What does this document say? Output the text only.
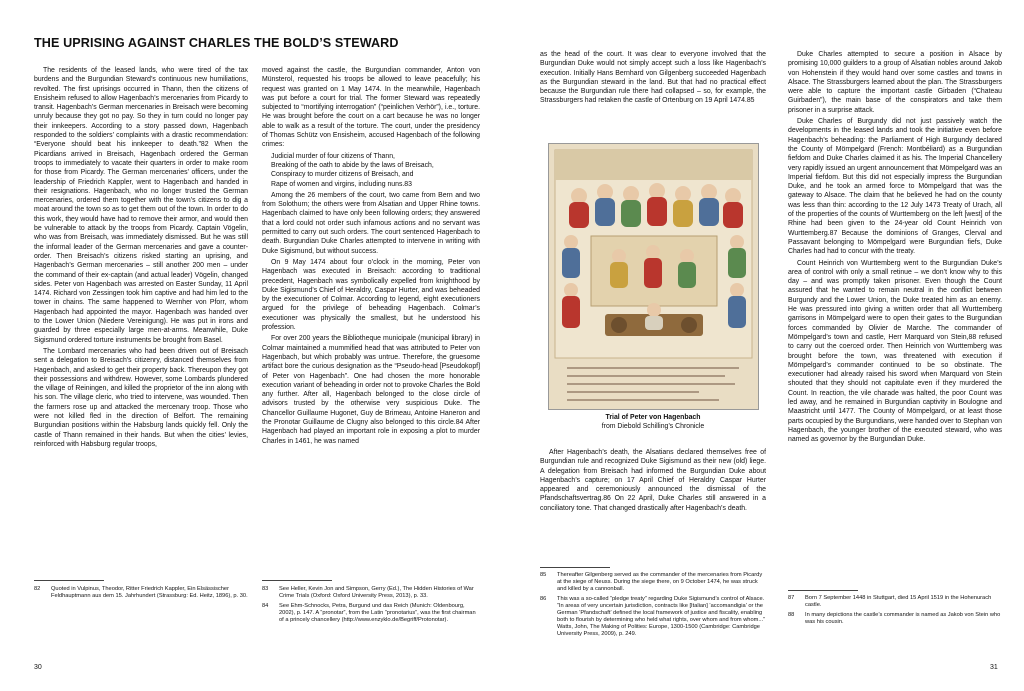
THE UPRISING AGAINST CHARLES THE BOLD’S STEWARD

The residents of the leased lands, who were tired of the tax burdens and the Burgundian Steward’s continuous new humiliations, revolted. The first uprisings occurred in Thann, then the citizens of Ensisheim refused to allow Hagenbach’s mercenaries from Picardy to transit. Hagenbach’s German mercenaries in Breisach were becoming unruly because they got no pay. So they in turn could no longer pay their innkeepers. According to a story passed down, Hagenbach responded to the soldiers’ complaints with a drastic recommendation: “Everyone should beat his innkeeper to death.”82 When the Picardians arrived in Breisach, Hagenbach ordered the German troops to immediately to vacate their quarters in order to make room for those from Picardy. The German mercenaries’ officers, under the leadership of Friedrich Kappler, went to Hagenbach and handed in their resignations. Hagenbach, who no longer trusted the German mercenaries, ordered them together with the town’s citizens to dig a moat around the town so as to get them out of the town. In order to do this work, they would have had to remove their armor, and would then be vulnerable to attack by the troops from Picardy. Captain Vögelin, who was from Breisach, was immediately dismissed. But he was still the informal leader of the German mercenaries and gave a counter-order. Then Breisach’s citizens risked starting an uprising, and Hagenbach’s German mercenaries – still another 200 men – under the command of their ex-captain (and actual leader) Vögelin, changed sides. Peter von Hagenbach was arrested on Easter Sunday, 11 April 1474. Richard von Zessingen took him captive and had him led to the tower in chains. The same happened to Wernher von Pforr, whom Hagenbach had appointed the mayor. Hagenbach was handed over to the Lower Union (Niedere Vereinigung). He was put in irons and guarded by three especially large men-at-arms. Meanwhile, Duke Sigismund ordered torture instruments be brought from Basel.

The Lombard mercenaries who had been driven out of Breisach sent a delegation to Breisach’s citizenry, distanced themselves from Hagenbach, and asked to get their property back. Thereupon they got their possessions and withdrew. However, some Lombards plundered the village of Reiningen, and killed the proprietor of the inn along with his son. The village cleric, who tried to intervene, was wounded. Then the farmers rose up and attacked the mercenary troop. Those who were not killed fled in the direction of Belfort. The remaining Burgundian positions within the Habsburg lands quickly fell. Only the castle of Thann remained in their hands. But when the cities’ levies, reinforced with Habsburg regular troops,

moved against the castle, the Burgundian commander, Anton von Münsterol, requested his troops be allowed to leave peacefully; his request was granted on 1 May 1474. In the meanwhile, Hagenbach was put before a court for trial. The former Steward was repeatedly subjected to “mortifying interrogation” (“peinlichen Verhör”), i.e., torture. He was brought before the court on a cart because he was no longer able to walk as a result of the torture. The court, under the presidency of Thomas Schütz von Ensisheim, accused Hagenbach of the following crimes:

Judicial murder of four citizens of Thann,
Breaking of the oath to abide by the laws of Breisach,
Conspiracy to murder citizens of Breisach, and
Rape of women and virgins, including nuns.83

Among the 26 members of the court, two came from Bern and two from Solothurn; the others were from Alsatian and Upper Rhine towns. Hagenbach claimed to have only been following orders; they answered that a lord could not order such infamous actions and no servant was permitted to carry out such orders. The court sentenced Hagenbach to death. Burgundian Duke Charles attempted to intervene in writing with Duke Sigismund, but without success.

On 9 May 1474 about four o’clock in the morning, Peter von Hagenbach was executed in Breisach: according to traditional precedent, Hagenbach was symbolically expelled from knighthood by Duke Sigismund’s Chief of Heraldry, Caspar Hurter, and was beheaded by the executioner of Colmar. According to legend, eight executioners argued for the privilege of beheading Hagenbach. Colmar’s executioner was physically the smallest, but he understood his profession.

For over 200 years the Bibliotheque municipale (municipal library) in Colmar maintained a mummified head that was attributed to Peter von Hagenbach, but which probably was untrue. Therefore, the gruesome artifact bore the curious designation as the “Pseudo-head [Pseudokopf] of Peter von Hagenbach”. One had chosen the more honorable execution variant of beheading in order not to provoke Charles the Bold any further. After all, Hagenbach belonged to the close circle of advisors trusted by the otherwise very suspicious Duke. The Chancellor Guillaume Hugonet, Guy de Brimeau, Antoine Haneron and the Pronotar Guillaume de Clugny also belonged to this circle.84 After Hagenbach had played an important role in exposing a plot to murder Charles in 1461, he was named

82	Quoted in Vulpinus, Theodor, Ritter Friedrich Kappler, Ein Elsässischer Feldhauptmann aus dem 15. Jahrhundert (Strassburg: Ed. Heitz, 1896), p. 30.
83	See Heller, Kevin Jon and Simpson, Gerry (Ed.), The Hidden Histories of War Crime Trials (Oxford: Oxford University Press, 2013), p. 33.
84	See Ehm-Schnocks, Petra, Burgund und das Reich (Munich: Oldenbourg, 2002), p. 147. A “pronotar”, from the Latin “pronotarius”, was the first chairman of a princely chancellery (http://www.enzyklo.de/Begriff/Protonotar).
30

as the head of the court. It was clear to everyone involved that the Burgundian Duke would not simply accept such a loss like Hagenbach’s execution. Initially Hans Bernhard von Gilgenberg succeeded Hagenbach as the Burgundian steward in the land. But that had no practical effect because the Burgundian rule there had collapsed – so, for example, the Strassburgers had retaken the castle of Ortenburg on 19 April 1474.85

After Hagenbach’s death, the Alsatians declared themselves free of Burgundian rule and recognized Duke Sigismund as their new (old) liege. A delegation from Breisach had informed the Burgundian Duke about Hagenbach’s capture; on 17 April Chief of Heraldry Caspar Hurter appeared and ceremoniously announced the dismissal of the Pfandschaftsvertrag.86 On 22 April, Duke Charles still answered in a conciliatory tone. That changed drastically after Hagenbach’s death.

Duke Charles attempted to secure a position in Alsace by promising 10,000 guilders to a group of Alsatian nobles around Jakob von Hohenstein if they would hand over some castles and towns in Alsace. The Strassburgers learned about the plan. The Strassburgers were able to capture the important castle Girbaden (“Chateau Guirbaden”), the main base of the conspirators and take them prisoner in a surprise attack.

Duke Charles of Burgundy did not just passively watch the developments in the leased lands and took the initiative even before Hagenbach’s beheading: the Parliament of High Burgundy declared the County of Mömpelgard (French: Montbéliard) as a Burgundian fiefdom and Duke Charles claimed it as his. The Imperial Chancellery very rapidly issued an urgent announcement that Mömpelgard was an Imperial fiefdom. But this did not especially impress the Burgundian Duke, and he took an armed force to Mömpelgard that was the gateway to Alsace. The claim that he believed he had on the county was less than thin: according to the 12 July 1473 Treaty of Urach, all of the properties of the counts of Wurttemberg on the left [west] of the Rhine had been given to the 24-year old Count Heinrich von Wurttemberg.87 Because the dominions of Granges, Clerval and Passavant belonging to Mömpelgard were Burgundian fiefs, Duke Charles had had to concur with the treaty.

Count Heinrich von Wurttemberg went to the Burgundian Duke’s area of control with only a small retinue – we don’t know why to this day – and was promptly taken prisoner. Even though the Count assured that he wanted to remain neutral in the conflict between Burgundy and the Lower Union, the Duke treated him as an enemy. He was pressured into giving a written order that all Wurttemberg garrisons in Mömpelgard were to open their gates to the Burgundian forces commanded by Olivier de Marche. The commander of Mömpelgard’s town and castle, Herr Marquard von Stein,88 refused to carry out the coerced order. Then Heinrich von Wurttemberg was brought before the town, was threatened with execution if Mömpelgard’s commander continued to be so obstinate. The executioner had already raised his sword when Marquard von Stein shouted that they should not capitulate even if they murdered the Count. In reaction, the vile charade was halted, the poor Count was led away, and he remained in Burgundian captivity in Boulogne and Maastricht until 1477. The County of Mömpelgard, or at least those parts occupied by the Burgundians, were handed over to Stephan von Hagenbach, the younger brother of the executed steward, who was named as governor by the Burgundian Duke.

85	Thereafter Gilgenberg served as the commander of the mercenaries from Picardy at the siege of Neuss. During the siege there, on 9 October 1474, he was struck and killed by a cannonball.
86	This was a so-called “pledge treaty” regarding Duke Sigismund’s control of Alsace. “In areas of very uncertain jurisdiction, contracts like [Italian] ‘accomandigia’ or the German ‘Pfandschaft’ defined the local framework of justice and fiscality, enabling both to flourish by determining who held what rights, over whom and from whom...” Watts, John, The Making of Polities: Europe, 1300-1500 (Cambridge: Cambridge University Press, 2009), p. 249.
87	Born 7 September 1448 in Stuttgart, died 15 April 1519 in the Hohenurach castle.
88	In many depictions the castle’s commander is named as Jakob von Stein who was his cousin.
31
Trial of Peter von Hagenbach
from Diebold Schilling’s Chronicle
